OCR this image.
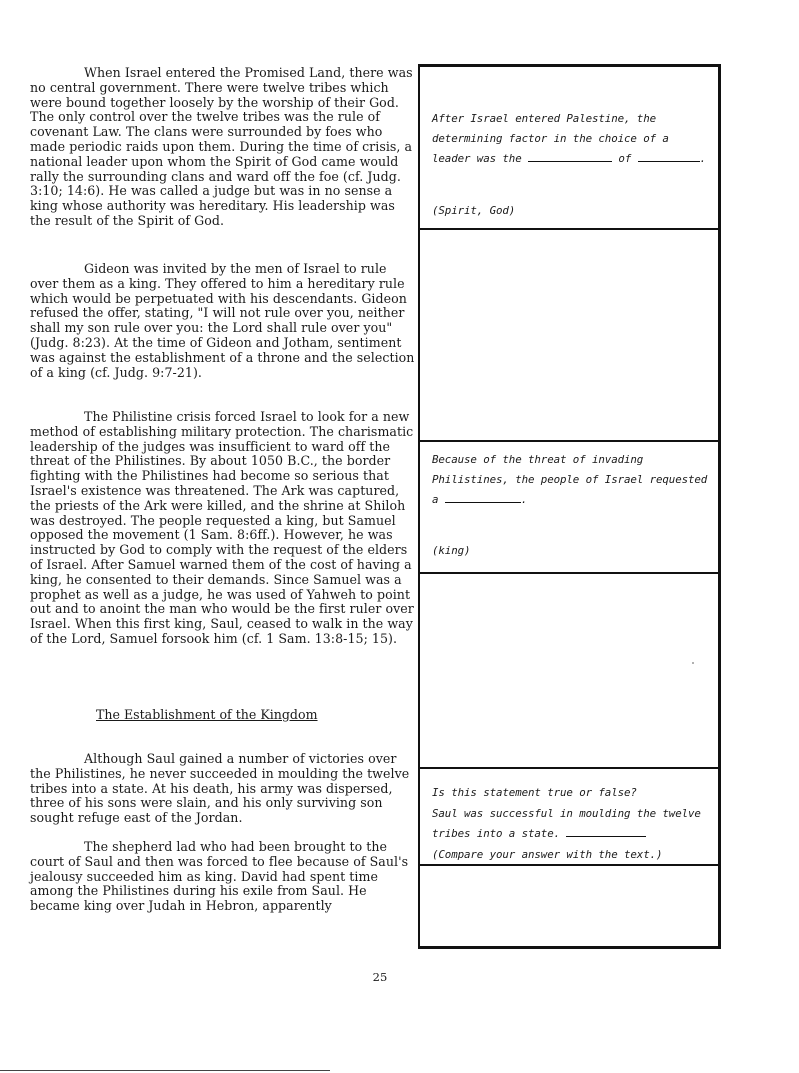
When Israel entered the Promised Land, there was no central government. There were twelve tribes which were bound together loosely by the worship of their God. The only control over the twelve tribes was the rule of covenant Law. The clans were surrounded by foes who made periodic raids upon them. During the time of crisis, a national leader upon whom the Spirit of God came would rally the surrounding clans and ward off the foe (cf. Judg. 3:10; 14:6). He was called a judge but was in no sense a king whose authority was hereditary. His leadership was the result of the Spirit of God.

Gideon was invited by the men of Israel to rule over them as a king. They offered to him a hereditary rule which would be perpetuated with his descendants. Gideon refused the offer, stating, "I will not rule over you, neither shall my son rule over you: the Lord shall rule over you" (Judg. 8:23). At the time of Gideon and Jotham, sentiment was against the establishment of a throne and the selection of a king (cf. Judg. 9:7-21).

The Philistine crisis forced Israel to look for a new method of establishing military protection. The charismatic leadership of the judges was insufficient to ward off the threat of the Philistines. By about 1050 B.C., the border fighting with the Philistines had become so serious that Israel's existence was threatened. The Ark was captured, the priests of the Ark were killed, and the shrine at Shiloh was destroyed. The people requested a king, but Samuel opposed the movement (1 Sam. 8:6ff.). However, he was instructed by God to comply with the request of the elders of Israel. After Samuel warned them of the cost of having a king, he consented to their demands. Since Samuel was a prophet as well as a judge, he was used of Yahweh to point out and to anoint the man who would be the first ruler over Israel. When this first king, Saul, ceased to walk in the way of the Lord, Samuel forsook him (cf. 1 Sam. 13:8-15; 15).

The Establishment of the Kingdom

Although Saul gained a number of victories over the Philistines, he never succeeded in moulding the twelve tribes into a state. At his death, his army was dispersed, three of his sons were slain, and his only surviving son sought refuge east of the Jordan.

The shepherd lad who had been brought to the court of Saul and then was forced to flee because of Saul's jealousy succeeded him as king. David had spent time among the Philistines during his exile from Saul. He became king over Judah in Hebron, apparently

After Israel entered Palestine, the
determining factor in the choice of a
leader was the	of	.
(Spirit, God)
Because of the threat of invading
Philistines, the people of Israel requested
a	.
(king)
Is this statement true or false?
Saul was successful in moulding the twelve
tribes into a state.
(Compare your answer with the text.)
25
